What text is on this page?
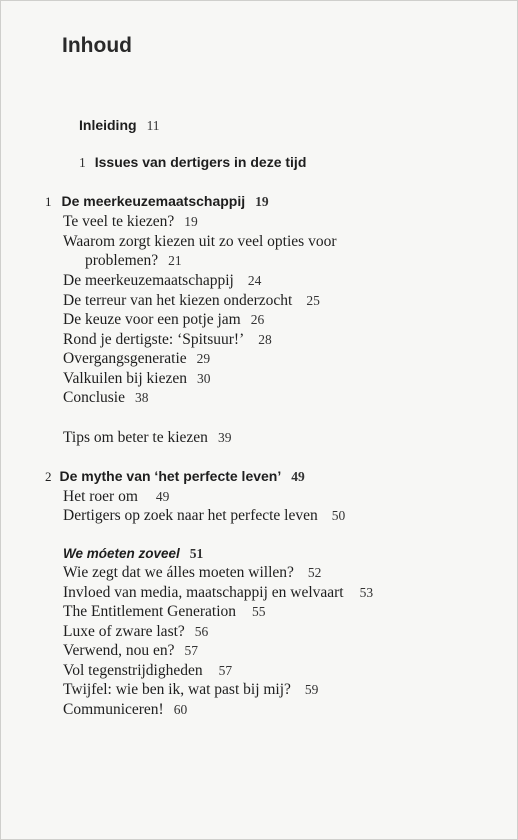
Inhoud
Inleiding 11
1 Issues van dertigers in deze tijd
1 De meerkeuzemaatschappij 19
Te veel te kiezen? 19
Waarom zorgt kiezen uit zo veel opties voor
problemen? 21
De meerkeuzemaatschappij 24
De terreur van het kiezen onderzocht 25
De keuze voor een potje jam 26
Rond je dertigste: ‘Spitsuur!’ 28
Overgangsgeneratie 29
Valkuilen bij kiezen 30
Conclusie 38
Tips om beter te kiezen 39
2 De mythe van ‘het perfecte leven’ 49
Het roer om 49
Dertigers op zoek naar het perfecte leven 50
We móeten zoveel 51
Wie zegt dat we álles moeten willen? 52
Invloed van media, maatschappij en welvaart 53
The Entitlement Generation 55
Luxe of zware last? 56
Verwend, nou en? 57
Vol tegenstrijdigheden 57
Twijfel: wie ben ik, wat past bij mij? 59
Communiceren! 60
